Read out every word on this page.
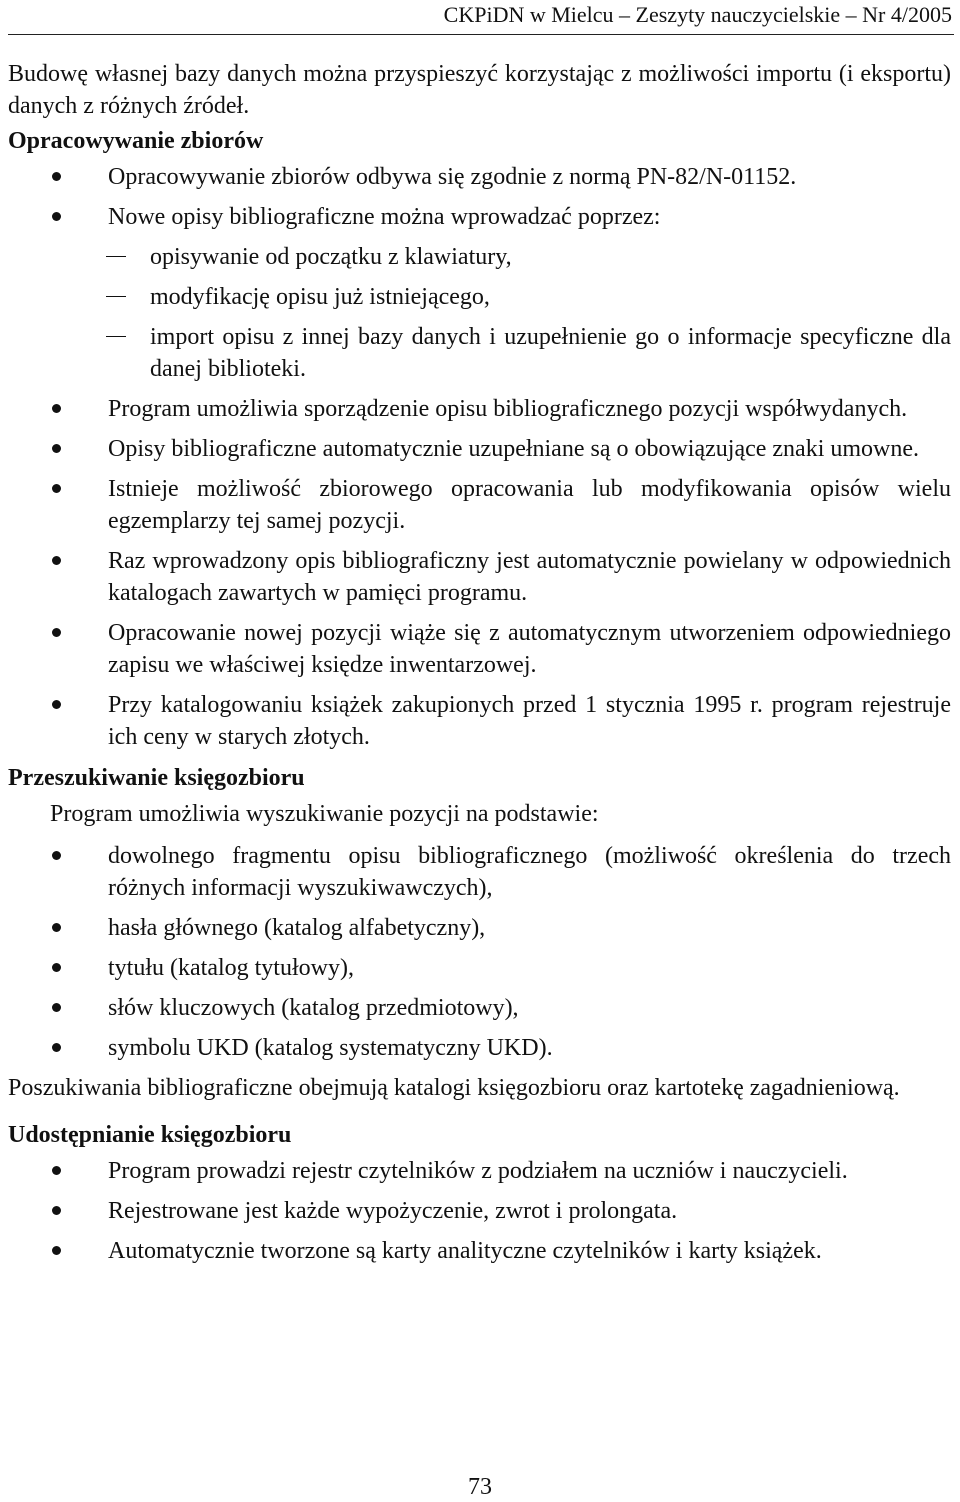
CKPiDN w Mielcu – Zeszyty nauczycielskie – Nr 4/2005

Budowę własnej bazy danych można przyspieszyć korzystając z możliwości importu (i eksportu) danych z różnych źródeł.

Opracowywanie zbiorów
Opracowywanie zbiorów odbywa się zgodnie z normą PN-82/N-01152.
Nowe opisy bibliograficzne można wprowadzać poprzez:
opisywanie od początku z klawiatury,
modyfikację opisu już istniejącego,
import opisu z innej bazy danych i uzupełnienie go o informacje specyficzne dla danej biblioteki.
Program umożliwia sporządzenie opisu bibliograficznego pozycji współwydanych.
Opisy bibliograficzne automatycznie uzupełniane są o obowiązujące znaki umowne.
Istnieje możliwość zbiorowego opracowania lub modyfikowania opisów wielu egzemplarzy tej samej pozycji.
Raz wprowadzony opis bibliograficzny jest automatycznie powielany w odpowiednich katalogach zawartych w pamięci programu.
Opracowanie nowej pozycji wiąże się z automatycznym utworzeniem odpowiedniego zapisu we właściwej księdze inwentarzowej.
Przy katalogowaniu książek zakupionych przed 1 stycznia 1995 r. program rejestruje ich ceny w starych złotych.
Przeszukiwanie księgozbioru

Program umożliwia wyszukiwanie pozycji na podstawie:

dowolnego fragmentu opisu bibliograficznego (możliwość określenia do trzech różnych informacji wyszukiwawczych),
hasła głównego (katalog alfabetyczny),
tytułu (katalog tytułowy),
słów kluczowych (katalog przedmiotowy),
symbolu UKD (katalog systematyczny UKD).

Poszukiwania bibliograficzne obejmują katalogi księgozbioru oraz kartotekę zagadnieniową.

Udostępnianie księgozbioru
Program prowadzi rejestr czytelników z podziałem na uczniów i nauczycieli.
Rejestrowane jest każde wypożyczenie, zwrot i prolongata.
Automatycznie tworzone są karty analityczne czytelników i karty książek.
73
